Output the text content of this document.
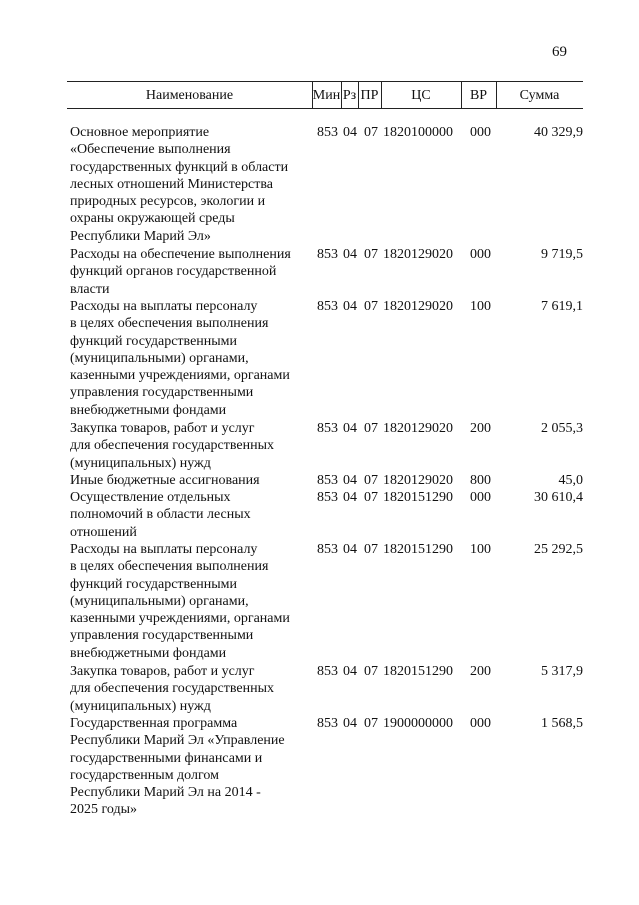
69
Наименование	Мин Рз ПР	ЦС	ВР	Сумма
Основное мероприятие
«Обеспечение выполнения
государственных функций в области
лесных отношений Министерства
природных ресурсов, экологии и
охраны окружающей среды
Республики Марий Эл»
853 04 07 1820100000 000	40 329,9
Расходы на обеспечение выполнения
функций органов государственной
власти
853 04 07 1820129020 000	9 719,5
Расходы на выплаты персоналу
в целях обеспечения выполнения
функций государственными
(муниципальными) органами,
казенными учреждениями, органами
управления государственными
внебюджетными фондами
853 04 07 1820129020 100	7 619,1
Закупка товаров, работ и услуг
для обеспечения государственных
(муниципальных) нужд
853 04 07 1820129020 200	2 055,3
Иные бюджетные ассигнования	853 04 07 1820129020 800	45,0
Осуществление отдельных
полномочий в области лесных
отношений
853 04 07 1820151290 000	30 610,4
Расходы на выплаты персоналу
в целях обеспечения выполнения
функций государственными
(муниципальными) органами,
казенными учреждениями, органами
управления государственными
внебюджетными фондами
853 04 07 1820151290 100	25 292,5
Закупка товаров, работ и услуг
для обеспечения государственных
(муниципальных) нужд
853 04 07 1820151290 200	5 317,9
Государственная программа
Республики Марий Эл «Управление
государственными финансами и
государственным долгом
Республики Марий Эл на 2014 -
2025 годы»
853 04 07 1900000000 000	1 568,5
